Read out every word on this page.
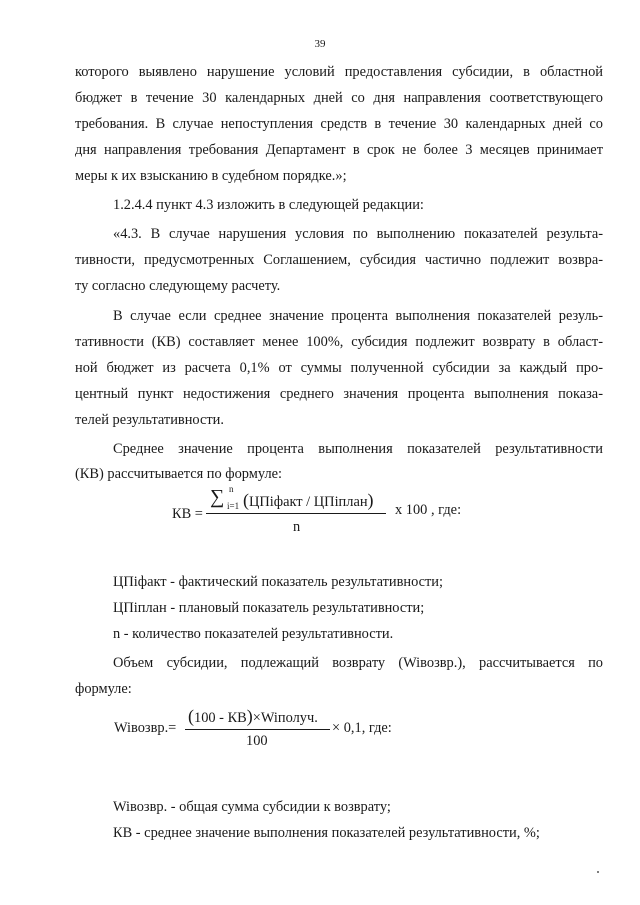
39
которого выявлено нарушение условий предоставления субсидии, в областной
бюджет в течение 30 календарных дней со дня направления соответствующего
требования. В случае непоступления средств в течение 30 календарных дней со
дня направления требования Департамент в срок не более 3 месяцев принимает
меры к их взысканию в судебном порядке.»;
1.2.4.4 пункт 4.3 изложить в следующей редакции:
«4.3. В случае нарушения условия по выполнению показателей результа-
тивности, предусмотренных Соглашением, субсидия частично подлежит возвра-
ту согласно следующему расчету.
В случае если среднее значение процента выполнения показателей резуль-
тативности (КВ) составляет менее 100%, субсидия подлежит возврату в област-
ной бюджет из расчета 0,1% от суммы полученной субсидии за каждый про-
центный пункт недостижения среднего значения процента выполнения показа-
телей результативности.
Среднее значение процента выполнения показателей результативности
(КВ) рассчитывается по формуле:
КВ =
∑ n
i=1 (ЦПiфакт / ЦПiплан)
n
x 100 , где:
ЦПiфакт - фактический показатель результативности;
ЦПiплан - плановый показатель результативности;
n - количество показателей результативности.
Объем субсидии, подлежащий возврату (Wiвозвр.), рассчитывается по
формуле:
Wiвозвр.=
(100 - КВ)×Wiполуч.
100
× 0,1, где:
Wiвозвр. - общая сумма субсидии к возврату;
КВ - среднее значение выполнения показателей результативности, %;
